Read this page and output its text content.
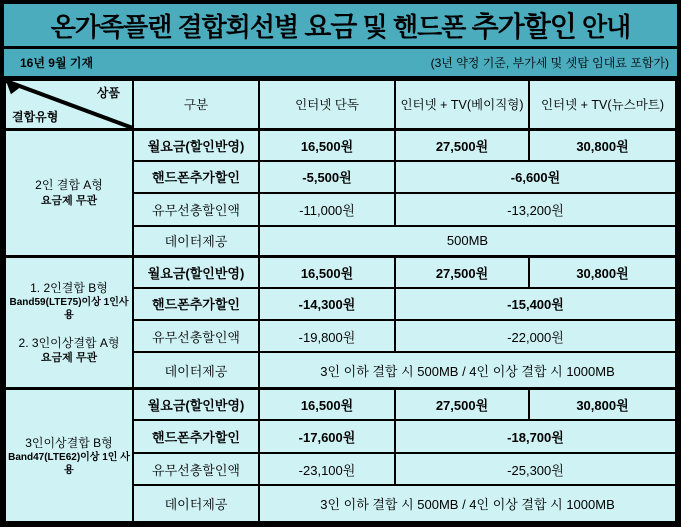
온가족플랜 결합회선별 요금 및 핸드폰 추가할인 안내
16년 9월 기재	(3년 약정 기준, 부가세 및 셋탑 임대료 포함가)
상품
결합유형	구분	인터넷 단독	인터넷 + TV(베이직형)	인터넷 + TV(뉴스마트)

2인 결합 A형
요금제 무관	월요금(할인반영)	16,500원	27,500원	30,800원
	핸드폰추가할인	-5,500원	-6,600원	
	유무선총할인액	-11,000원	-13,200원	
	데이터제공	500MB		

1. 2인결합 B형
Band59(LTE75)이상 1인사용
2. 3인이상결합 A형
요금제 무관	월요금(할인반영)	16,500원	27,500원	30,800원
	핸드폰추가할인	-14,300원	-15,400원	
	유무선총할인액	-19,800원	-22,000원	
	데이터제공	3인 이하 결합 시 500MB / 4인 이상 결합 시 1000MB		

3인이상결합 B형
Band47(LTE62)이상 1인 사용	월요금(할인반영)	16,500원	27,500원	30,800원
	핸드폰추가할인	-17,600원	-18,700원	
	유무선총할인액	-23,100원	-25,300원	
	데이터제공	3인 이하 결합 시 500MB / 4인 이상 결합 시 1000MB		
